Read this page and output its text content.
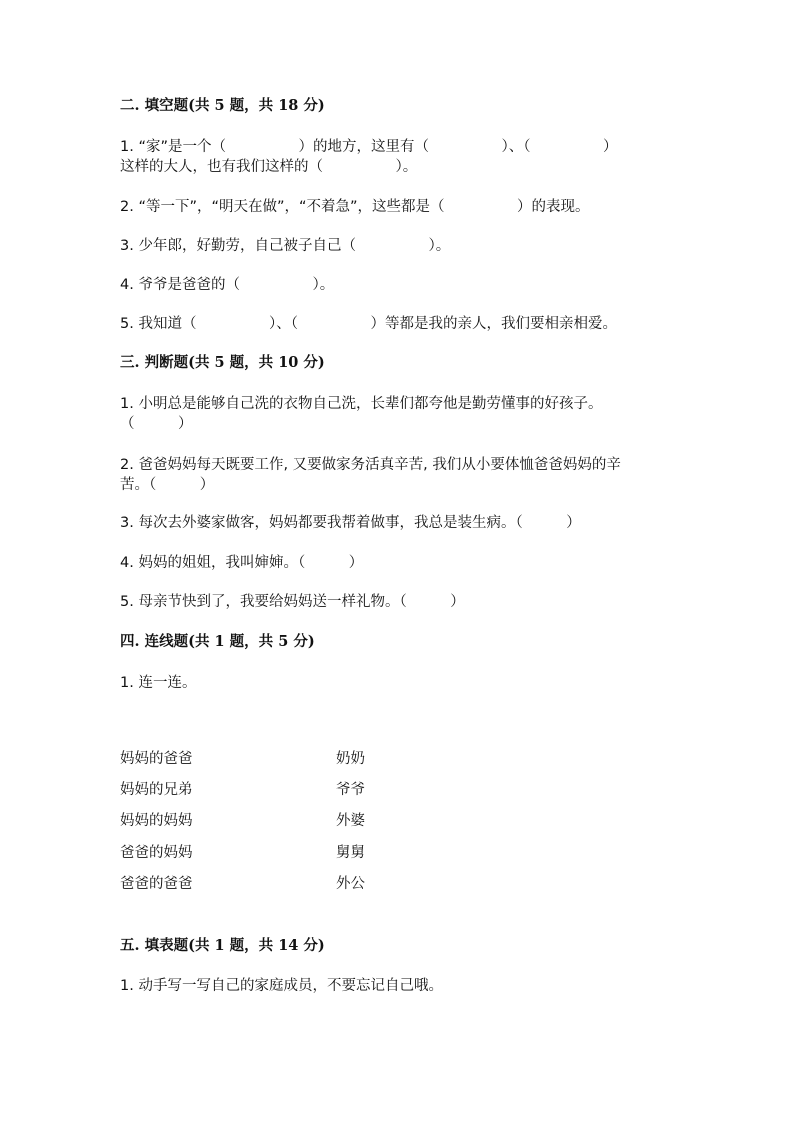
二. 填空题(共 5 题，共 18 分)
1. “家”是一个（　　　　　）的地方，这里有（　　　　　）、（　　　　　）
这样的大人，也有我们这样的（　　　　　）。
2. “等一下”，“明天在做”，“不着急”，这些都是（　　　　　）的表现。
3. 少年郎，好勤劳，自己被子自己（　　　　　）。
4. 爷爷是爸爸的（　　　　　）。
5. 我知道（　　　　　）、（　　　　　）等都是我的亲人，我们要相亲相爱。
三. 判断题(共 5 题，共 10 分)
1. 小明总是能够自己洗的衣物自己洗，长辈们都夸他是勤劳懂事的好孩子。
（　　　）
2. 爸爸妈妈每天既要工作, 又要做家务活真辛苦, 我们从小要体恤爸爸妈妈的辛
苦。（　　　）
3. 每次去外婆家做客，妈妈都要我帮着做事，我总是装生病。（　　　）
4. 妈妈的姐姐，我叫婶婶。（　　　）
5. 母亲节快到了，我要给妈妈送一样礼物。（　　　）
四. 连线题(共 1 题，共 5 分)
1. 连一连。
妈妈的爸爸
妈妈的兄弟
妈妈的妈妈
爸爸的妈妈
爸爸的爸爸
奶奶
爷爷
外婆
舅舅
外公
五. 填表题(共 1 题，共 14 分)
1. 动手写一写自己的家庭成员，不要忘记自己哦。
